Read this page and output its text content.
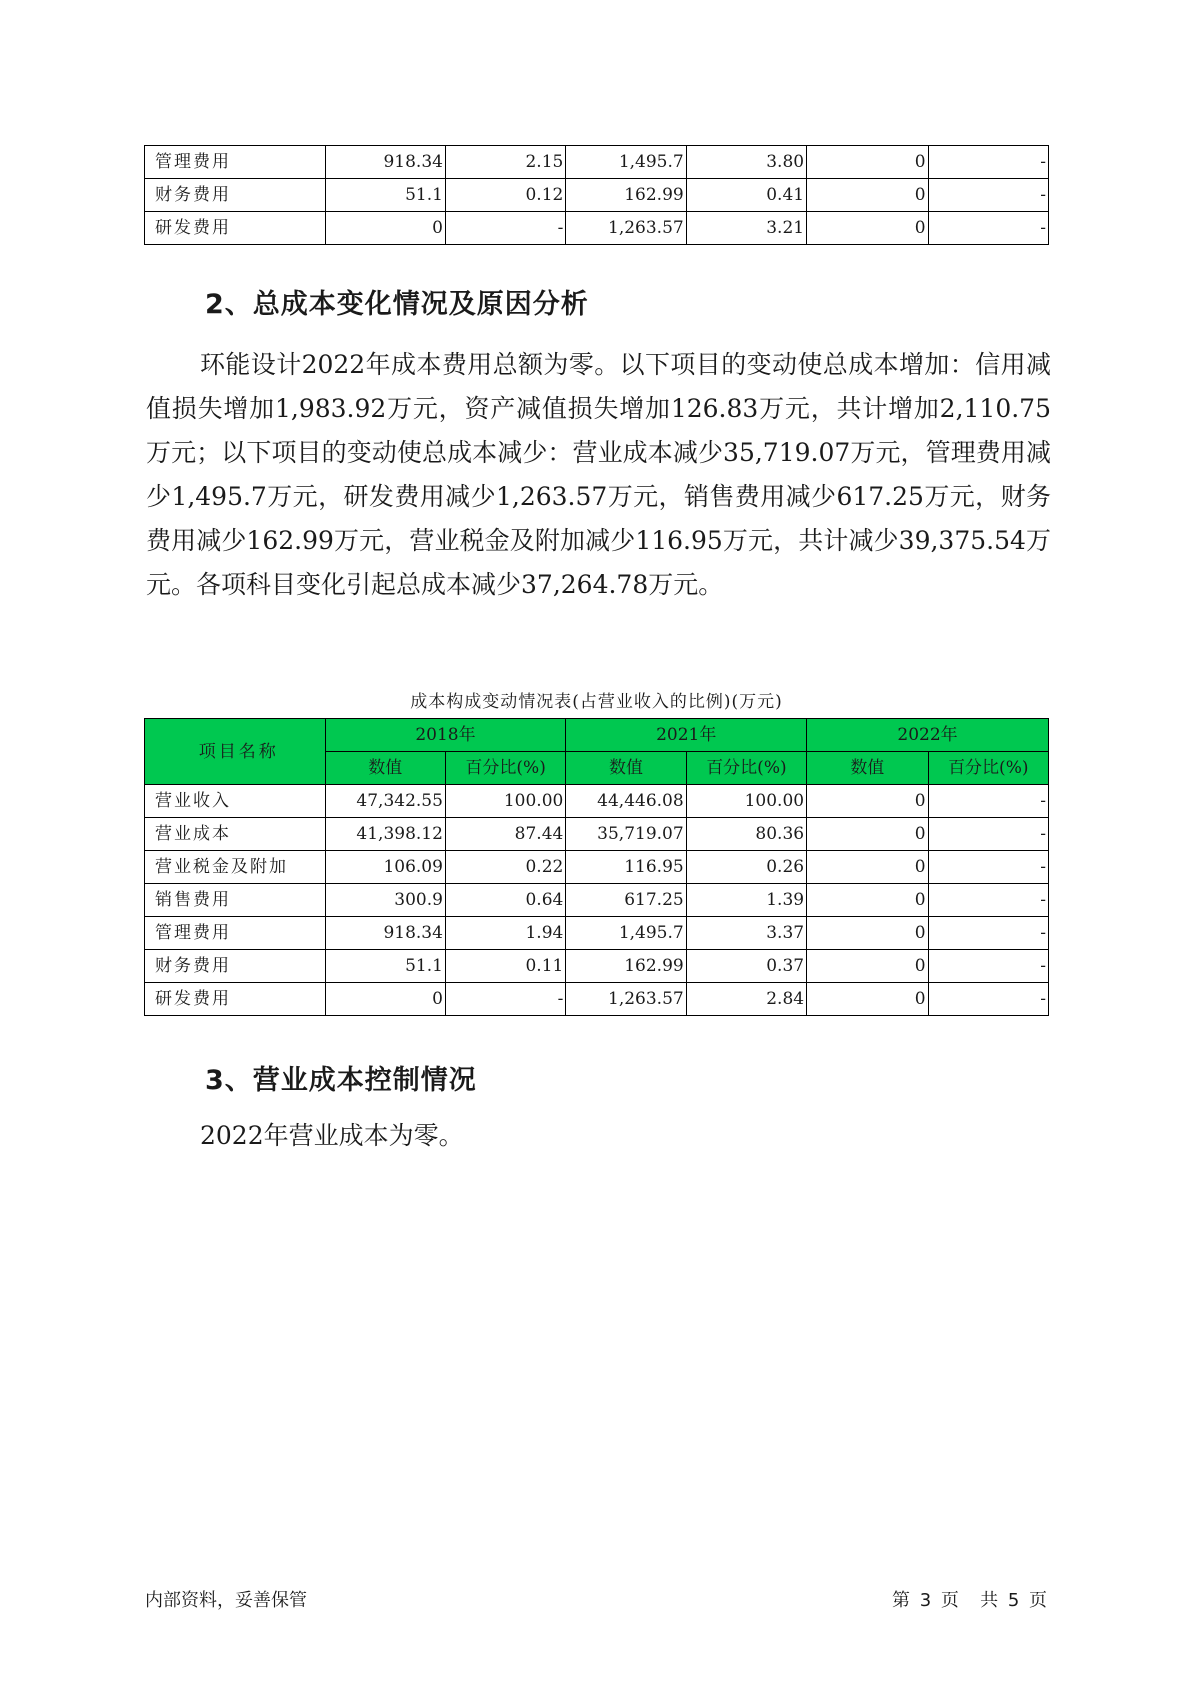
管理费用	918.34	2.15	1,495.7	3.80	0	-
财务费用	51.1	0.12	162.99	0.41	0	-
研发费用	0	-	1,263.57	3.21	0	-
2、总成本变化情况及原因分析

环能设计2022年成本费用总额为零。以下项目的变动使总成本增加：信用减值损失增加1,983.92万元，资产减值损失增加126.83万元，共计增加2,110.75万元；以下项目的变动使总成本减少：营业成本减少35,719.07万元，管理费用减少1,495.7万元，研发费用减少1,263.57万元，销售费用减少617.25万元，财务费用减少162.99万元，营业税金及附加减少116.95万元，共计减少39,375.54万元。各项科目变化引起总成本减少37,264.78万元。

成本构成变动情况表(占营业收入的比例)(万元)

项目名称	2018年		2021年		2022年	
	数值	百分比(%)	数值	百分比(%)	数值	百分比(%)
营业收入	47,342.55	100.00	44,446.08	100.00	0	-
营业成本	41,398.12	87.44	35,719.07	80.36	0	-
营业税金及附加	106.09	0.22	116.95	0.26	0	-
销售费用	300.9	0.64	617.25	1.39	0	-
管理费用	918.34	1.94	1,495.7	3.37	0	-
财务费用	51.1	0.11	162.99	0.37	0	-
研发费用	0	-	1,263.57	2.84	0	-
3、营业成本控制情况

2022年营业成本为零。

内部资料，妥善保管	第 3 页 共 5 页
